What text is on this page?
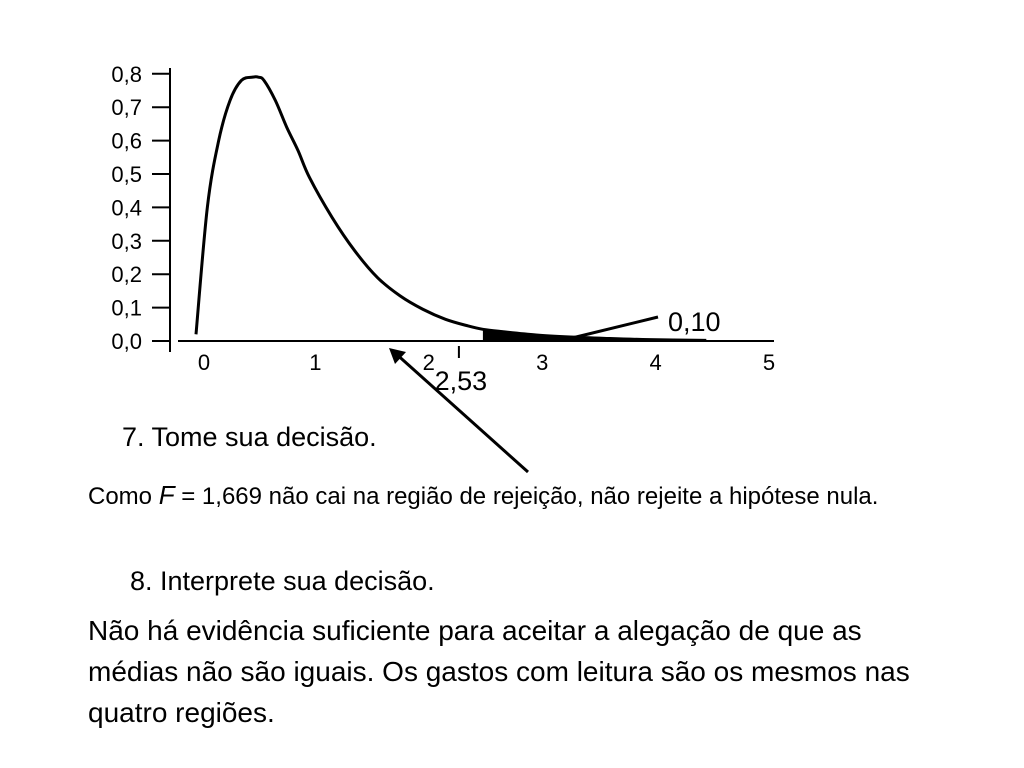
0,0
0,1
0,2
0,3
0,4
0,5
0,6
0,7
0,8
0	1	2	3	4	5
2,53
0,10
7. Tome sua decisão.
Como F = 1,669 não cai na região de rejeição, não rejeite a hipótese nula.
8. Interprete sua decisão.
Não há evidência suficiente para aceitar a alegação de que as médias não são iguais. Os gastos com leitura são os mesmos nas quatro regiões.
